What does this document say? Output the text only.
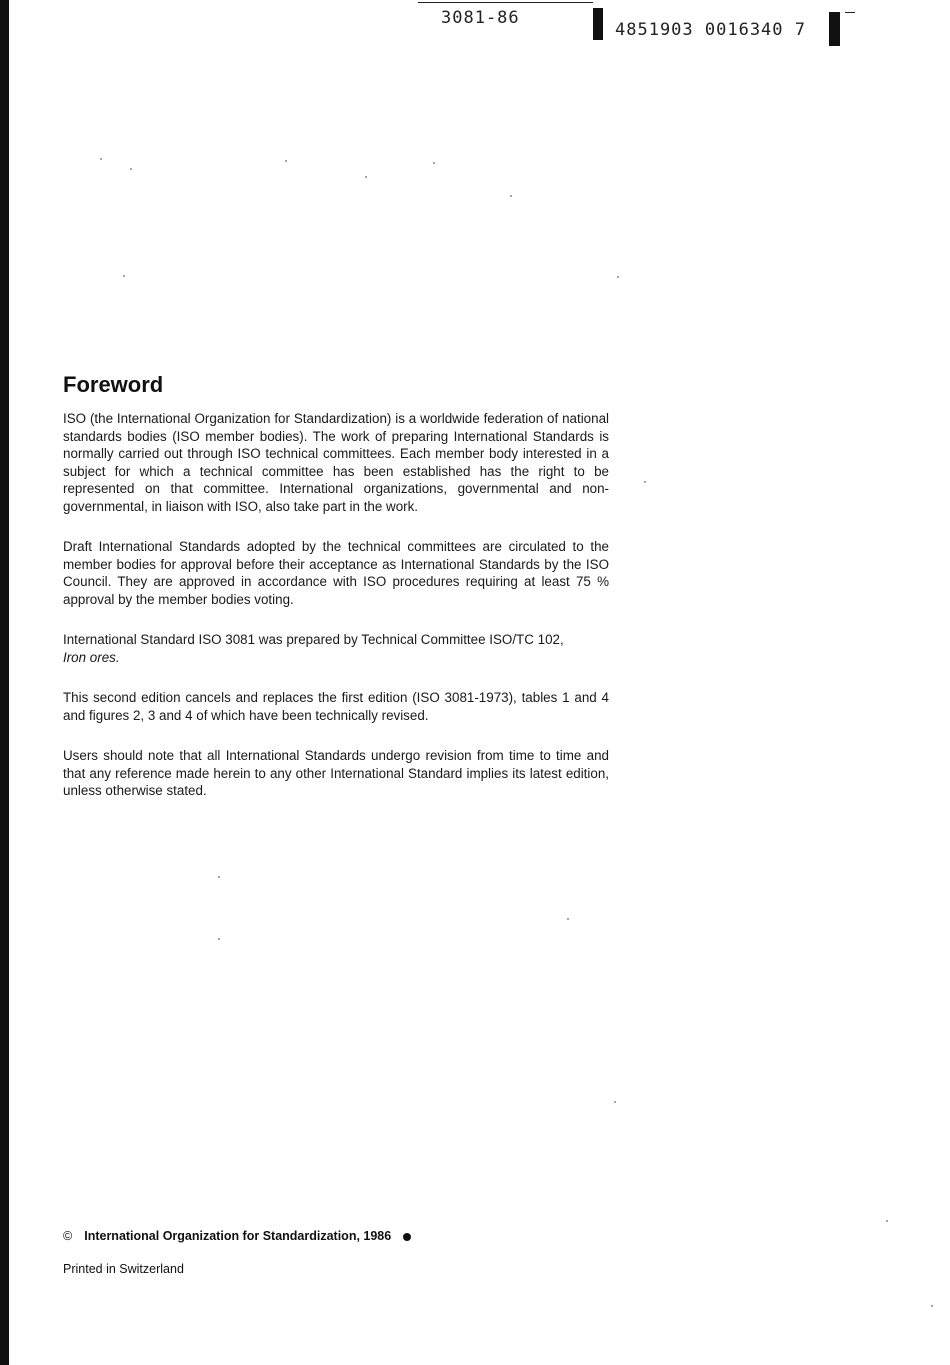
3081-86
4851903 0016340 7
Foreword

ISO (the International Organization for Standardization) is a worldwide federation of national standards bodies (ISO member bodies). The work of preparing International Standards is normally carried out through ISO technical committees. Each member body interested in a subject for which a technical committee has been established has the right to be represented on that committee. International organizations, governmental and non-governmental, in liaison with ISO, also take part in the work.

Draft International Standards adopted by the technical committees are circulated to the member bodies for approval before their acceptance as International Standards by the ISO Council. They are approved in accordance with ISO procedures requiring at least 75 % approval by the member bodies voting.

International Standard ISO 3081 was prepared by Technical Committee ISO/TC 102,
Iron ores.

This second edition cancels and replaces the first edition (ISO 3081-1973), tables 1 and 4 and figures 2, 3 and 4 of which have been technically revised.

Users should note that all International Standards undergo revision from time to time and that any reference made herein to any other International Standard implies its latest edition, unless otherwise stated.

© International Organization for Standardization, 1986
Printed in Switzerland
